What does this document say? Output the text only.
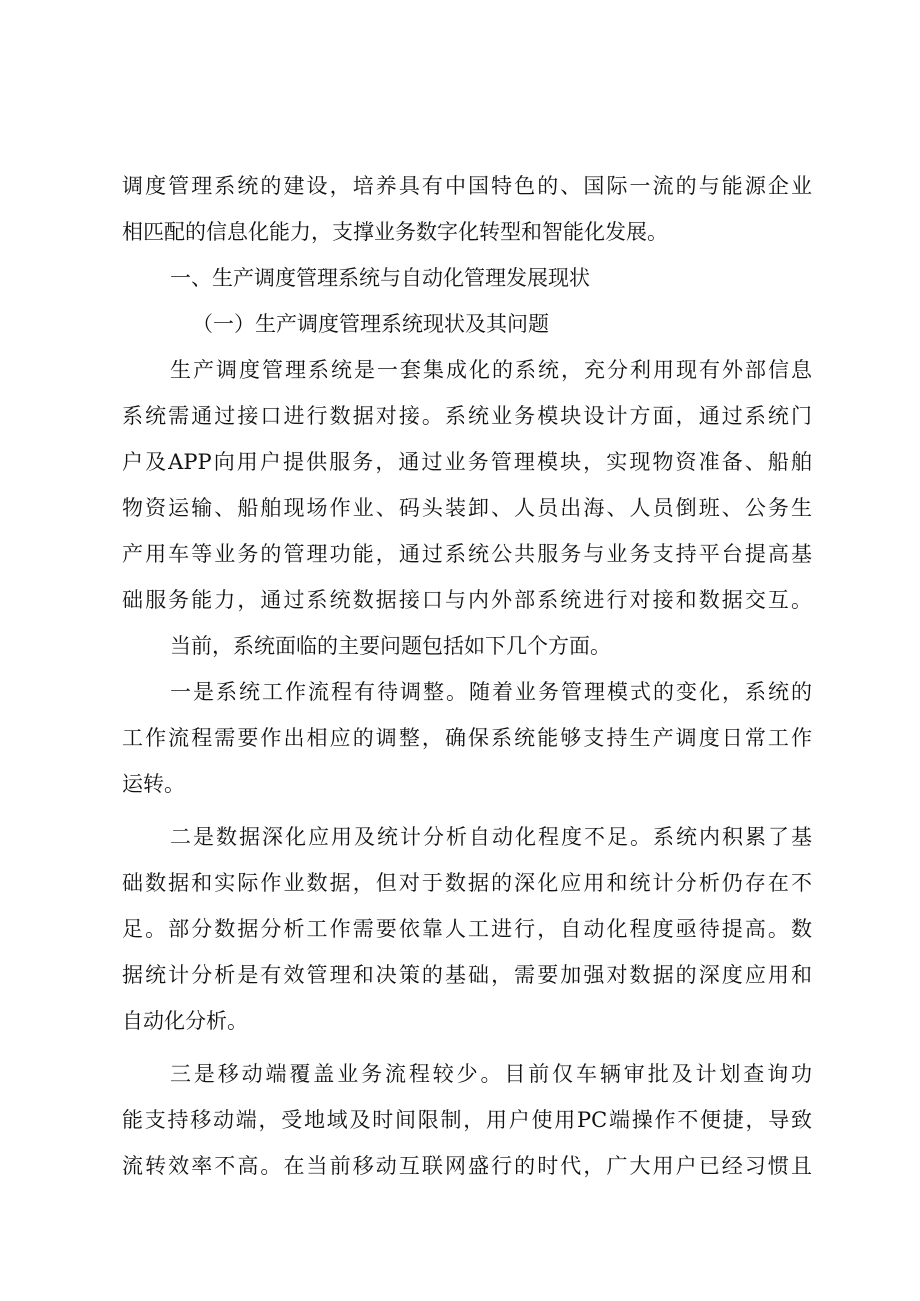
调度管理系统的建设，培养具有中国特色的、国际一流的与能源企业
相匹配的信息化能力，支撑业务数字化转型和智能化发展。
一、生产调度管理系统与自动化管理发展现状
（一）生产调度管理系统现状及其问题
生产调度管理系统是一套集成化的系统，充分利用现有外部信息
系统需通过接口进行数据对接。系统业务模块设计方面，通过系统门
户及APP向用户提供服务，通过业务管理模块，实现物资准备、船舶
物资运输、船舶现场作业、码头装卸、人员出海、人员倒班、公务生
产用车等业务的管理功能，通过系统公共服务与业务支持平台提高基
础服务能力，通过系统数据接口与内外部系统进行对接和数据交互。
当前，系统面临的主要问题包括如下几个方面。
一是系统工作流程有待调整。随着业务管理模式的变化，系统的
工作流程需要作出相应的调整，确保系统能够支持生产调度日常工作
运转。
二是数据深化应用及统计分析自动化程度不足。系统内积累了基
础数据和实际作业数据，但对于数据的深化应用和统计分析仍存在不
足。部分数据分析工作需要依靠人工进行，自动化程度亟待提高。数
据统计分析是有效管理和决策的基础，需要加强对数据的深度应用和
自动化分析。
三是移动端覆盖业务流程较少。目前仅车辆审批及计划查询功
能支持移动端，受地域及时间限制，用户使用PC端操作不便捷，导致
流转效率不高。在当前移动互联网盛行的时代，广大用户已经习惯且
